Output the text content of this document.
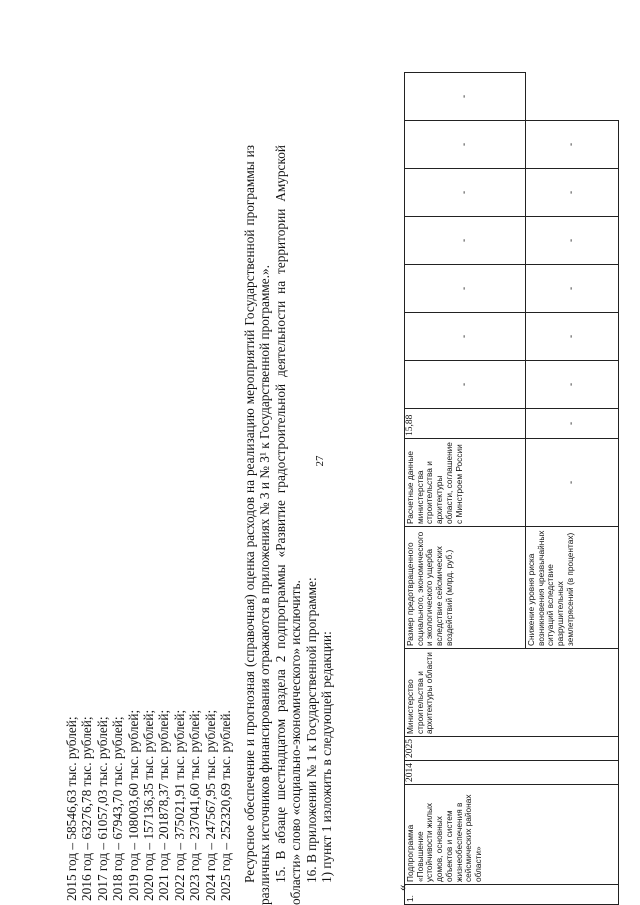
27
2015 год – 58546,63 тыс. рублей; 2016 год – 63276,78 тыс. рублей; 2017 год – 61057,03 тыс. рублей; 2018 год – 67943,70 тыс. рублей; 2019 год – 108003,60 тыс. рублей; 2020 год – 157136,35 тыс. рублей; 2021 год – 201878,37 тыс. рублей; 2022 год – 375021,91 тыс. рублей; 2023 год – 237041,60 тыс. рублей; 2024 год – 247567,95 тыс. рублей; 2025 год – 252320,69 тыс. рублей. Ресурсное обеспечение и прогнозная (справочная) оценка расходов на реализацию мероприятий Государственной программы из различных источников финансирования отражаются в приложениях № 3 и № 3¹ к Государственной программе.». 15. В абзаце шестнадцатом раздела 2 подпрограммы «Развитие градостроительной деятельности на территории Амурской области» слово «социально-экономического» исключить. 16. В приложении № 1 к Государственной программе: 1) пункт 1 изложить в следующей редакции:

«
1.	Подпрограмма «Повышение устойчивости жилых домов, основных объектов и систем жизнеобеспечения в сейсмических районах области»	2014	2025	Министерство строительства и архитектуры области	Размер предотвращенного социального, экономического и экологического ущерба вследствие сейсмических воздействий (млрд. руб.)	Расчетные данные министерства строительства и архитектуры области, соглашение с Минстроем России	15,88	-	-	-	-	-	-	-
					Снижение уровня риска возникновения чрезвычайных ситуаций вследствие разрушительных землетрясений (в процентах)	-	-	-	-	-	-	-	-	
